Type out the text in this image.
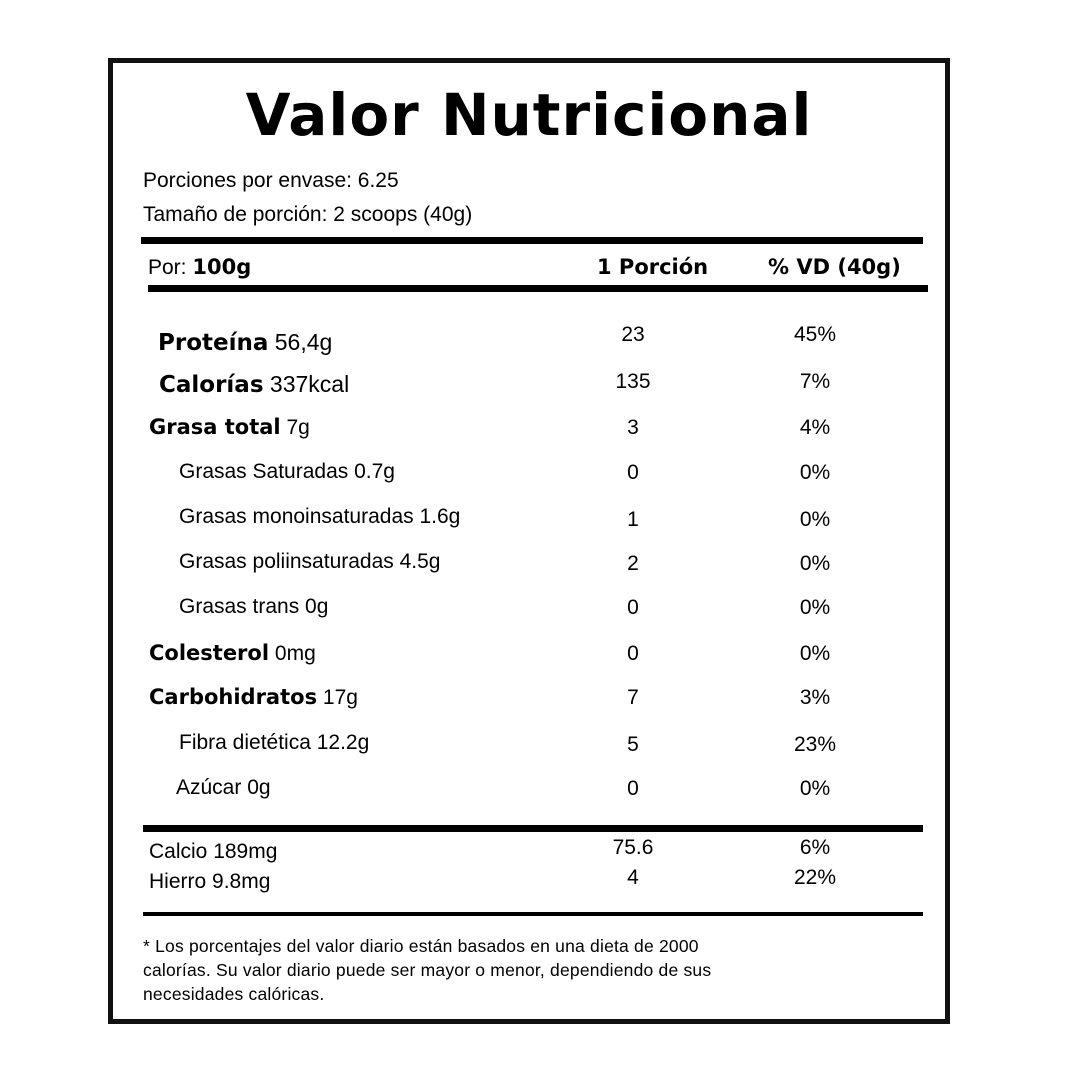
Valor Nutricional
Porciones por envase: 6.25
Tamaño de porción: 2 scoops (40g)
Por: 100g	1 Porción	% VD (40g)
Proteína 56,4g	23	45%
Calorías 337kcal	135	7%
Grasa total 7g	3	4%
Grasas Saturadas 0.7g	0	0%
Grasas monoinsaturadas 1.6g	1	0%
Grasas poliinsaturadas 4.5g	2	0%
Grasas trans 0g	0	0%
Colesterol 0mg	0	0%
Carbohidratos 17g	7	3%
Fibra dietética 12.2g	5	23%
Azúcar 0g	0	0%
Calcio 189mg	75.6	6%
Hierro 9.8mg	4	22%
* Los porcentajes del valor diario están basados en una dieta de 2000
calorías. Su valor diario puede ser mayor o menor, dependiendo de sus
necesidades calóricas.
